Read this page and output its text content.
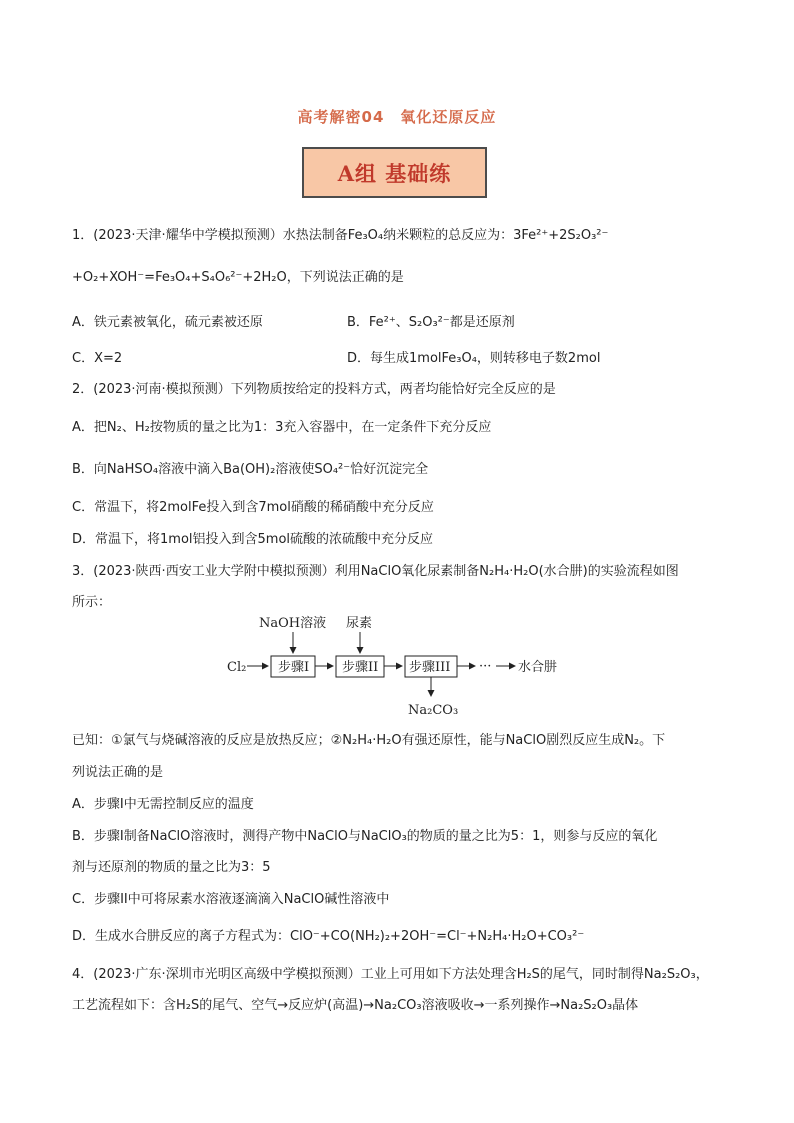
高考解密04　氧化还原反应
A组 基础练
1．(2023·天津·耀华中学模拟预测）水热法制备Fe₃O₄纳米颗粒的总反应为：3Fe²⁺+2S₂O₃²⁻
+O₂+XOH⁻=Fe₃O₄+S₄O₆²⁻+2H₂O，下列说法正确的是
A．铁元素被氧化，硫元素被还原	B．Fe²⁺、S₂O₃²⁻都是还原剂
C．X=2	D．每生成1molFe₃O₄，则转移电子数2mol
2．(2023·河南·模拟预测）下列物质按给定的投料方式，两者均能恰好完全反应的是
A．把N₂、H₂按物质的量之比为1：3充入容器中，在一定条件下充分反应
B．向NaHSO₄溶液中滴入Ba(OH)₂溶液使SO₄²⁻恰好沉淀完全
C．常温下，将2molFe投入到含7mol硝酸的稀硝酸中充分反应
D．常温下，将1mol铝投入到含5mol硫酸的浓硫酸中充分反应
3．(2023·陕西·西安工业大学附中模拟预测）利用NaClO氧化尿素制备N₂H₄·H₂O(水合肼)的实验流程如图
所示：
Cl₂ 步骤I	步骤II 步骤III ··· 水合肼
NaOH溶液 尿素
Na₂CO₃
已知：①氯气与烧碱溶液的反应是放热反应；②N₂H₄·H₂O有强还原性，能与NaClO剧烈反应生成N₂。下
列说法正确的是
A．步骤I中无需控制反应的温度
B．步骤I制备NaClO溶液时，测得产物中NaClO与NaClO₃的物质的量之比为5：1，则参与反应的氧化
剂与还原剂的物质的量之比为3：5
C．步骤II中可将尿素水溶液逐滴滴入NaClO碱性溶液中
D．生成水合肼反应的离子方程式为：ClO⁻+CO(NH₂)₂+2OH⁻=Cl⁻+N₂H₄·H₂O+CO₃²⁻
4．(2023·广东·深圳市光明区高级中学模拟预测）工业上可用如下方法处理含H₂S的尾气，同时制得Na₂S₂O₃，
工艺流程如下：含H₂S的尾气、空气→反应炉(高温)→Na₂CO₃溶液吸收→一系列操作→Na₂S₂O₃晶体
